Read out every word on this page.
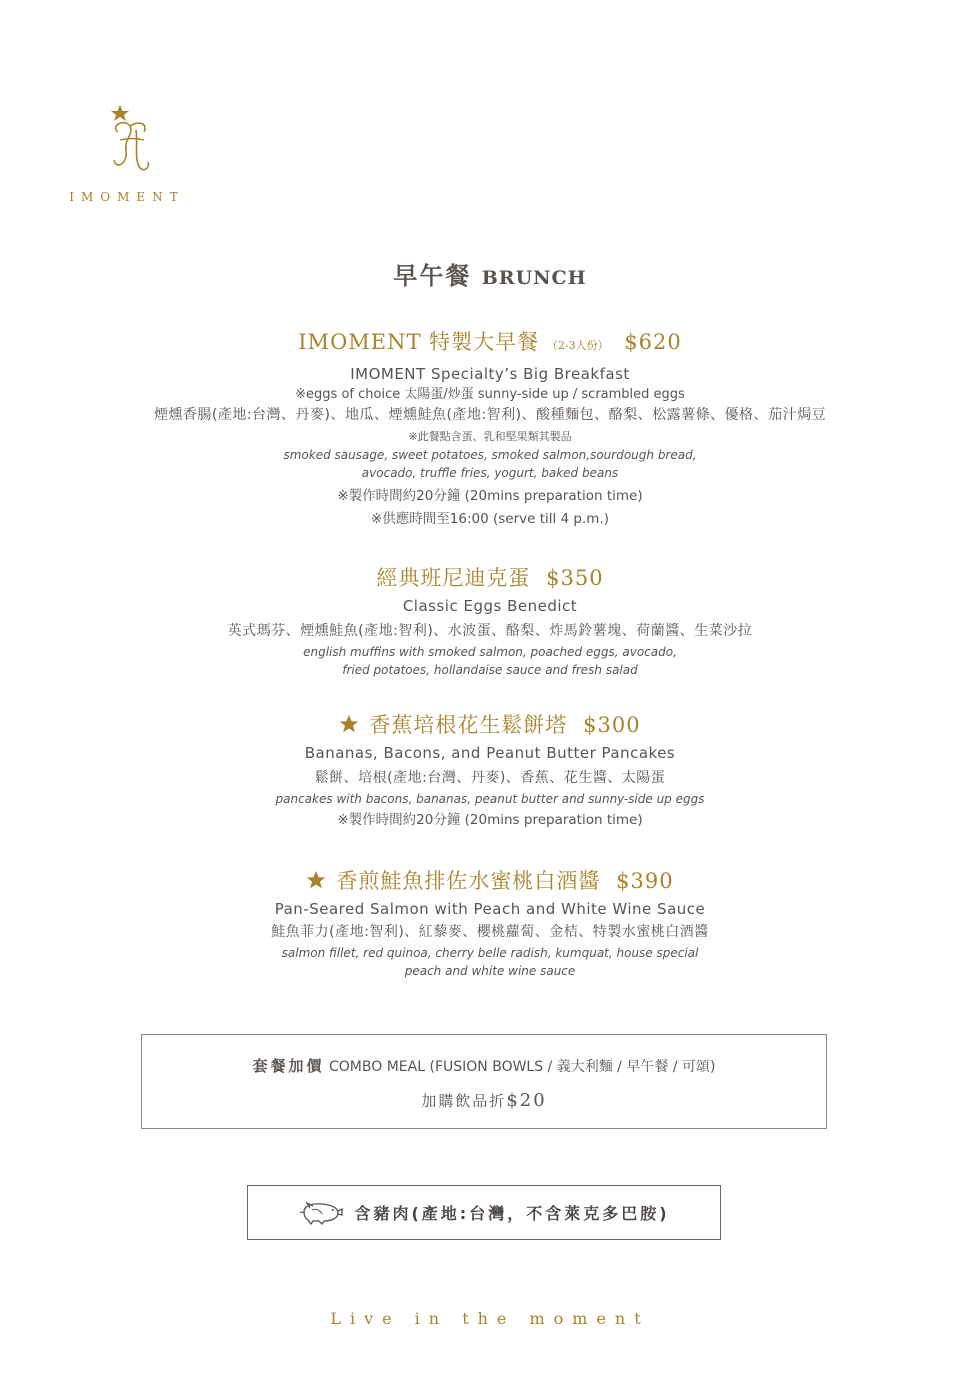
IMOMENT
早午餐 BRUNCH
IMOMENT 特製大早餐 （2-3人份） $620
IMOMENT Specialty’s Big Breakfast
※eggs of choice 太陽蛋/炒蛋 sunny-side up / scrambled eggs
煙燻香腸(產地:台灣、丹麥)、地瓜、煙燻鮭魚(產地:智利)、酸種麵包、酪梨、松露薯條、優格、茄汁焗豆
※此餐點含蛋、乳和堅果類其製品
smoked sausage, sweet potatoes, smoked salmon,sourdough bread,
avocado, truffle fries, yogurt, baked beans
※製作時間約20分鐘 (20mins preparation time)
※供應時間至16:00 (serve till 4 p.m.)
經典班尼迪克蛋 $350
Classic Eggs Benedict
英式瑪芬、煙燻鮭魚(產地:智利)、水波蛋、酪梨、炸馬鈴薯塊、荷蘭醬、生菜沙拉
english muffins with smoked salmon, poached eggs, avocado,
fried potatoes, hollandaise sauce and fresh salad
香蕉培根花生鬆餅塔 $300
Bananas, Bacons, and Peanut Butter Pancakes
鬆餅、培根(產地:台灣、丹麥)、香蕉、花生醬、太陽蛋
pancakes with bacons, bananas, peanut butter and sunny-side up eggs
※製作時間約20分鐘 (20mins preparation time)
香煎鮭魚排佐水蜜桃白酒醬 $390
Pan-Seared Salmon with Peach and White Wine Sauce
鮭魚菲力(產地:智利)、紅藜麥、櫻桃蘿蔔、金桔、特製水蜜桃白酒醬
salmon fillet, red quinoa, cherry belle radish, kumquat, house special
peach and white wine sauce
套餐加價 COMBO MEAL (FUSION BOWLS / 義大利麵 / 早午餐 / 可頌)
加購飲品折$20
含豬肉(產地:台灣，不含萊克多巴胺)
Live in the moment
